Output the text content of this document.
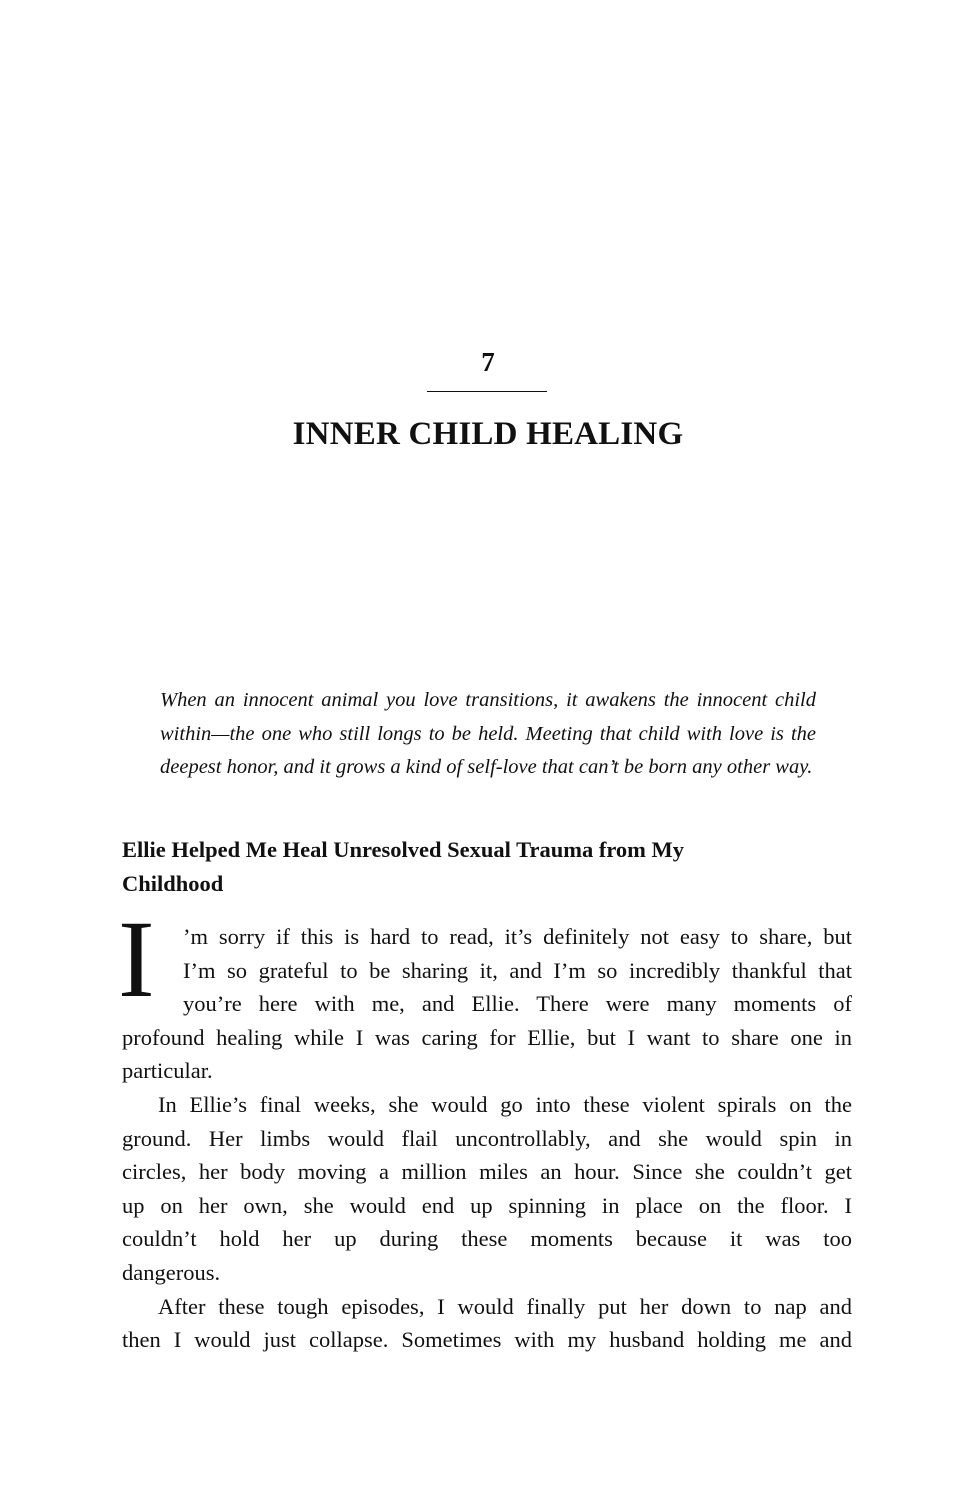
7
INNER CHILD HEALING
When an innocent animal you love transitions, it awakens the innocent child
within—the one who still longs to be held. Meeting that child with love is the
deepest honor, and it grows a kind of self-love that can’t be born any other way.
Ellie Helped Me Heal Unresolved Sexual Trauma from My
Childhood
I ’m sorry if this is hard to read, it’s definitely not easy to share, but
I’m so grateful to be sharing it, and I’m so incredibly thankful that
you’re here with me, and Ellie. There were many moments of
profound healing while I was caring for Ellie, but I want to share one in
particular.
In Ellie’s final weeks, she would go into these violent spirals on the
ground. Her limbs would flail uncontrollably, and she would spin in
circles, her body moving a million miles an hour. Since she couldn’t get
up on her own, she would end up spinning in place on the floor. I
couldn’t hold her up during these moments because it was too
dangerous.
After these tough episodes, I would finally put her down to nap and
then I would just collapse. Sometimes with my husband holding me and
